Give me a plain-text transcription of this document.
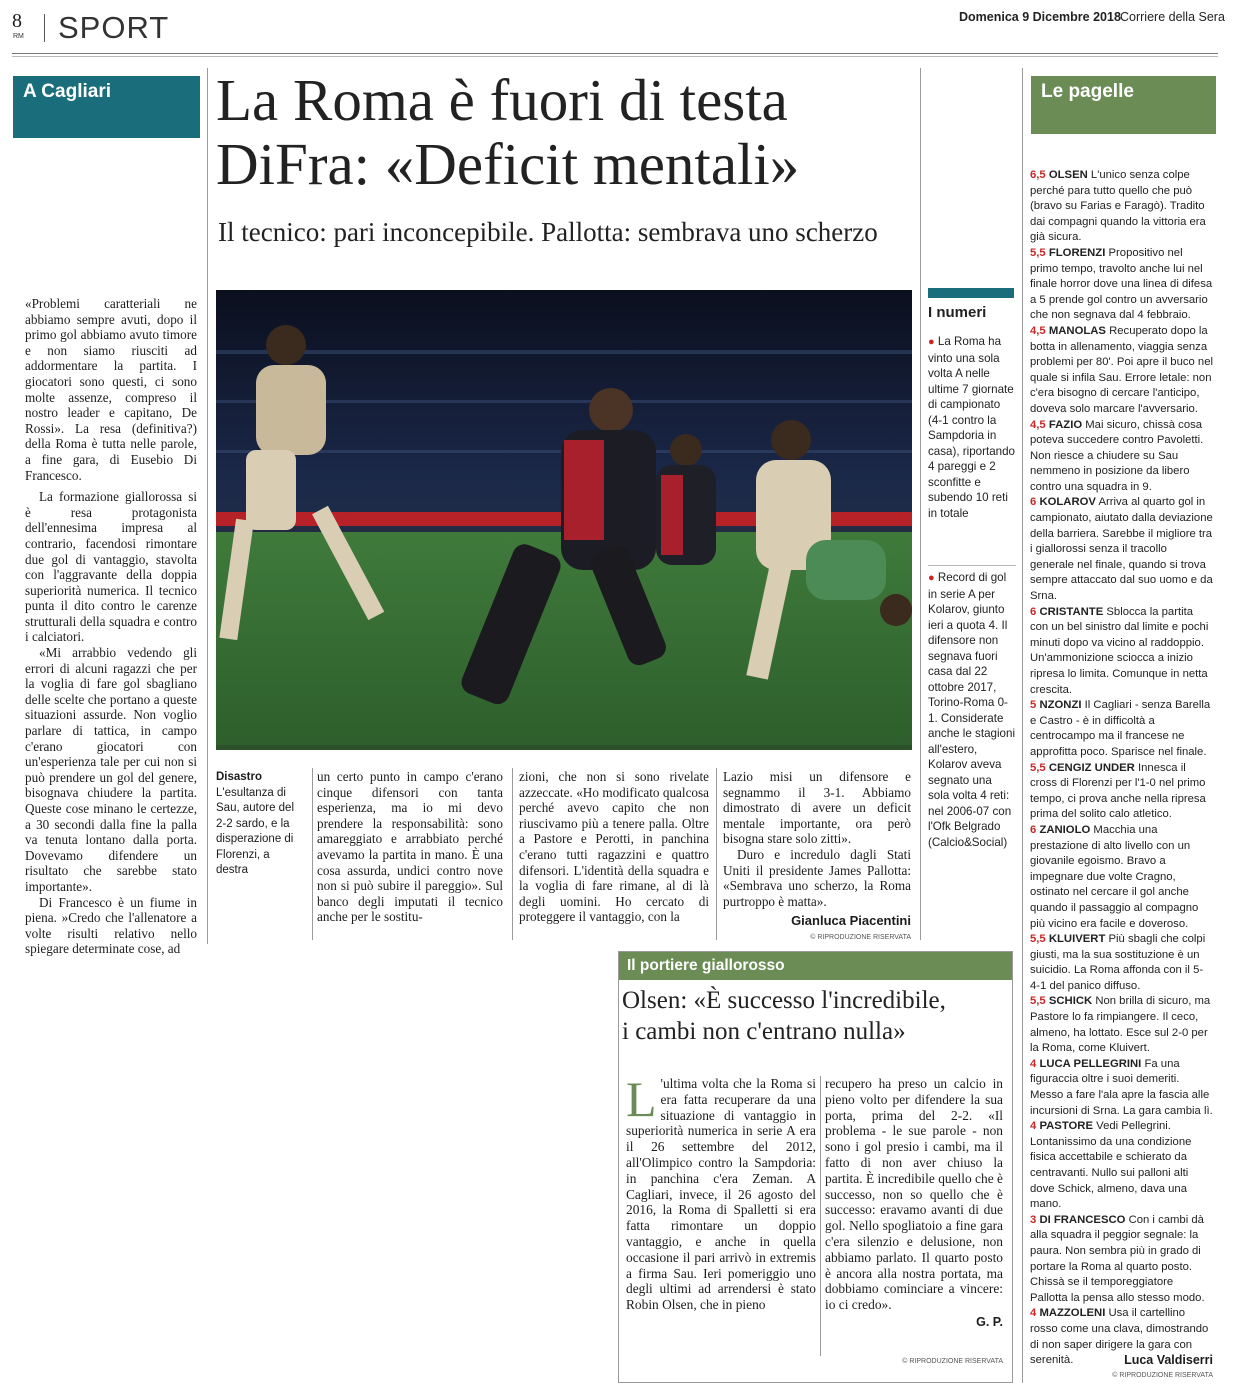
8
RM SPORT	Domenica 9 Dicembre 2018 Corriere della Sera
A Cagliari	La Roma è fuori di testa
DiFra: «Deficit mentali»
Il tecnico: pari inconcepibile. Pallotta: sembrava uno scherzo

«Problemi caratteriali ne abbiamo sempre avuti, dopo il primo gol abbiamo avuto timore e non siamo riusciti ad addormentare la partita. I giocatori sono questi, ci sono molte assenze, compreso il nostro leader e capitano, De Rossi». La resa (definitiva?) della Roma è tutta nelle parole, a fine gara, di Eusebio Di Francesco.

La formazione giallorossa si è resa protagonista dell'ennesima impresa al contrario, facendosi rimontare due gol di vantaggio, stavolta con l'aggravante della doppia superiorità numerica. Il tecnico punta il dito contro le carenze strutturali della squadra e contro i calciatori.

«Mi arrabbio vedendo gli errori di alcuni ragazzi che per la voglia di fare gol sbagliano delle scelte che portano a queste situazioni assurde. Non voglio parlare di tattica, in campo c'erano giocatori con un'esperienza tale per cui non si può prendere un gol del genere, bisognava chiudere la partita. Queste cose minano le certezze, a 30 secondi dalla fine la palla va tenuta lontano dalla porta. Dovevamo difendere un risultato che sarebbe stato importante».

Di Francesco è un fiume in piena. »Credo che l'allenatore a volte risulti relativo nello spiegare determinate cose, ad

Disastro
L'esultanza di Sau, autore del 2-2 sardo, e la disperazione di Florenzi, a destra

un certo punto in campo c'erano cinque difensori con tanta esperienza, ma io mi devo prendere la responsabilità: sono amareggiato e arrabbiato perché avevamo la partita in mano. È una cosa assurda, undici contro nove non si può subire il pareggio». Sul banco degli imputati il tecnico anche per le sostitu-

zioni, che non si sono rivelate azzeccate. «Ho modificato qualcosa perché avevo capito che non riuscivamo più a tenere palla. Oltre a Pastore e Perotti, in panchina c'erano tutti ragazzini e quattro difensori. L'identità della squadra e la voglia di fare rimane, al di là degli uomini. Ho cercato di proteggere il vantaggio, con la

Lazio misi un difensore e segnammo il 3-1. Abbiamo dimostrato di avere un deficit mentale importante, ora però bisogna stare solo zitti».

Duro e incredulo dagli Stati Uniti il presidente James Pallotta: «Sembrava uno scherzo, la Roma purtroppo è matta».

Gianluca Piacentini
© RIPRODUZIONE RISERVATA
I numeri
● La Roma ha vinto una sola volta A nelle ultime 7 giornate di campionato (4-1 contro la Sampdoria in casa), riportando 4 pareggi e 2 sconfitte e subendo 10 reti in totale
● Record di gol in serie A per Kolarov, giunto ieri a quota 4. Il difensore non segnava fuori casa dal 22 ottobre 2017, Torino-Roma 0-1. Considerate anche le stagioni all'estero, Kolarov aveva segnato una sola volta 4 reti: nel 2006-07 con l'Ofk Belgrado (Calcio&Social)
Le pagelle
6,5 OLSEN L'unico senza colpe perché para tutto quello che può (bravo su Farias e Faragò). Tradito dai compagni quando la vittoria era già sicura.
5,5 FLORENZI Propositivo nel primo tempo, travolto anche lui nel finale horror dove una linea di difesa a 5 prende gol contro un avversario che non segnava dal 4 febbraio.
4,5 MANOLAS Recuperato dopo la botta in allenamento, viaggia senza problemi per 80'. Poi apre il buco nel quale si infila Sau. Errore letale: non c'era bisogno di cercare l'anticipo, doveva solo marcare l'avversario.
4,5 FAZIO Mai sicuro, chissà cosa poteva succedere contro Pavoletti. Non riesce a chiudere su Sau nemmeno in posizione da libero contro una squadra in 9.
6 KOLAROV Arriva al quarto gol in campionato, aiutato dalla deviazione della barriera. Sarebbe il migliore tra i giallorossi senza il tracollo generale nel finale, quando si trova sempre attaccato dal suo uomo e da Srna.
6 CRISTANTE Sblocca la partita con un bel sinistro dal limite e pochi minuti dopo va vicino al raddoppio. Un'ammonizione sciocca a inizio ripresa lo limita. Comunque in netta crescita.
5 NZONZI Il Cagliari - senza Barella e Castro - è in difficoltà a centrocampo ma il francese ne approfitta poco. Sparisce nel finale.
5,5 CENGIZ UNDER Innesca il cross di Florenzi per l'1-0 nel primo tempo, ci prova anche nella ripresa prima del solito calo atletico.
6 ZANIOLO Macchia una prestazione di alto livello con un giovanile egoismo. Bravo a impegnare due volte Cragno, ostinato nel cercare il gol anche quando il passaggio al compagno più vicino era facile e doveroso.
5,5 KLUIVERT Più sbagli che colpi giusti, ma la sua sostituzione è un suicidio. La Roma affonda con il 5-4-1 del panico diffuso.
5,5 SCHICK Non brilla di sicuro, ma Pastore lo fa rimpiangere. Il ceco, almeno, ha lottato. Esce sul 2-0 per la Roma, come Kluivert.
4 LUCA PELLEGRINI Fa una figuraccia oltre i suoi demeriti. Messo a fare l'ala apre la fascia alle incursioni di Srna. La gara cambia lì.
4 PASTORE Vedi Pellegrini. Lontanissimo da una condizione fisica accettabile e schierato da centravanti. Nullo sui palloni alti dove Schick, almeno, dava una mano.
3 DI FRANCESCO Con i cambi dà alla squadra il peggior segnale: la paura. Non sembra più in grado di portare la Roma al quarto posto. Chissà se il temporeggiatore Pallotta la pensa allo stesso modo.
4 MAZZOLENI Usa il cartellino rosso come una clava, dimostrando di non saper dirigere la gara con serenità.	Luca Valdiserri
© RIPRODUZIONE RISERVATA
Il portiere giallorosso
Olsen: «È successo l'incredibile,
i cambi non c'entrano nulla»
L 'ultima volta che la Roma si era fatta recuperare da una situazione di vantaggio in superiorità numerica in serie A era il 26 settembre del 2012, all'Olimpico contro la Sampdoria: in panchina c'era Zeman. A Cagliari, invece, il 26 agosto del 2016, la Roma di Spalletti si era fatta rimontare un doppio vantaggio, e anche in quella occasione il pari arrivò in extremis a firma Sau. Ieri pomeriggio uno degli ultimi ad arrendersi è stato Robin Olsen, che in pieno
recupero ha preso un calcio in pieno volto per difendere la sua porta, prima del 2-2. «Il problema - le sue parole - non sono i gol presio i cambi, ma il fatto di non aver chiuso la partita. È incredibile quello che è successo, non so quello che è successo: eravamo avanti di due gol. Nello spogliatoio a fine gara c'era silenzio e delusione, non abbiamo parlato. Il quarto posto è ancora alla nostra portata, ma dobbiamo cominciare a vincere: io ci credo».
G. P.
© RIPRODUZIONE RISERVATA
